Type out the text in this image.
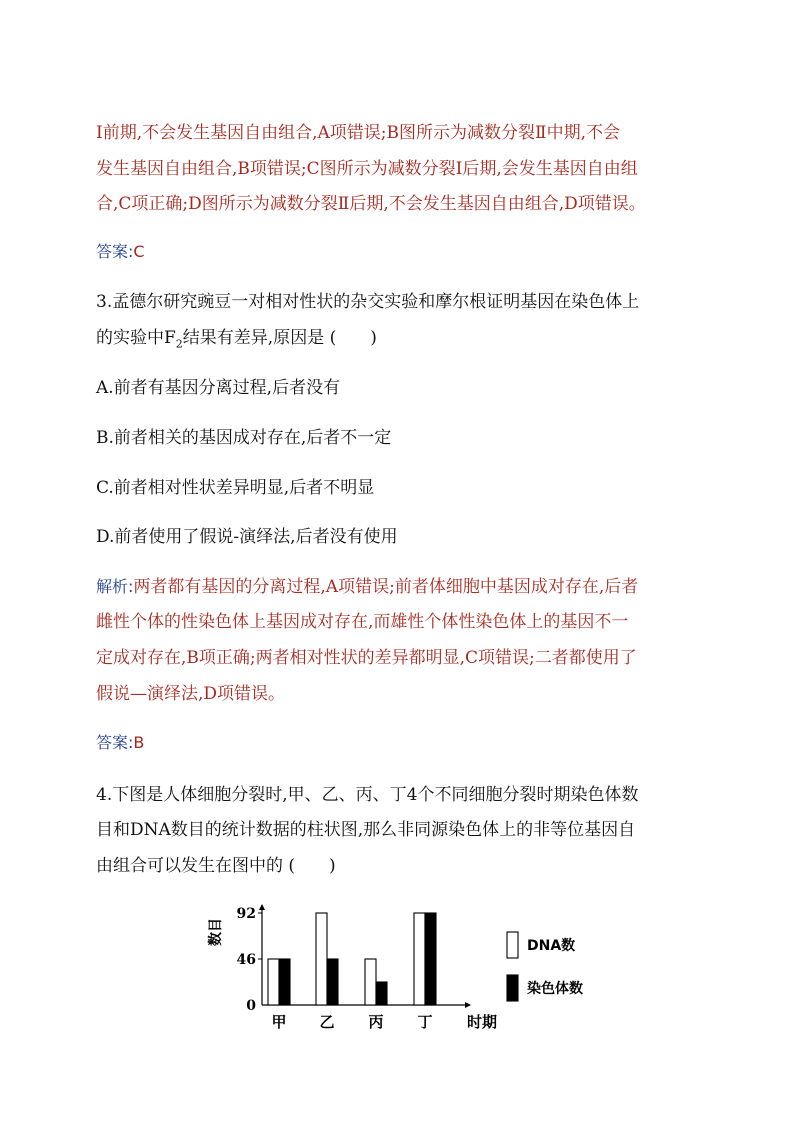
Ⅰ前期,不会发生基因自由组合,A项错误;B图所示为减数分裂Ⅱ中期,不会
发生基因自由组合,B项错误;C图所示为减数分裂Ⅰ后期,会发生基因自由组
合,C项正确;D图所示为减数分裂Ⅱ后期,不会发生基因自由组合,D项错误。
答案:C
3.孟德尔研究豌豆一对相对性状的杂交实验和摩尔根证明基因在染色体上
的实验中$F_2$结果有差异,原因是 (　　)
A.前者有基因分离过程,后者没有
B.前者相关的基因成对存在,后者不一定
C.前者相对性状差异明显,后者不明显
D.前者使用了假说-演绎法,后者没有使用
解析:两者都有基因的分离过程,A项错误;前者体细胞中基因成对存在,后者
雌性个体的性染色体上基因成对存在,而雄性个体性染色体上的基因不一
定成对存在,B项正确;两者相对性状的差异都明显,C项错误;二者都使用了
假说—演绎法,D项错误。
答案:B
4.下图是人体细胞分裂时,甲、乙、丙、丁4个不同细胞分裂时期染色体数
目和DNA数目的统计数据的柱状图,那么非同源染色体上的非等位基因自
由组合可以发生在图中的 (　　)
0
46
92
数目
甲 乙 丙 丁 时期
DNA数
染色体数
